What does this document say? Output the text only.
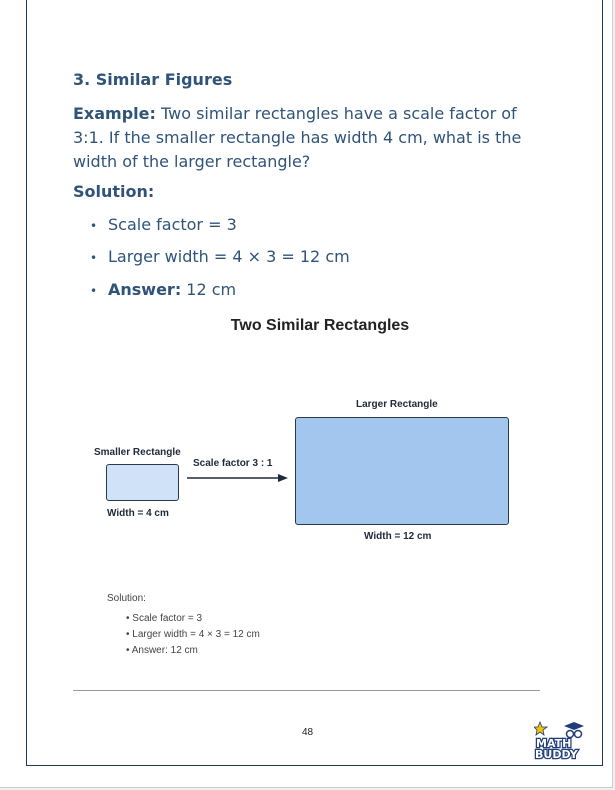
3. Similar Figures
Example: Two similar rectangles have a scale factor of 3:1. If the smaller rectangle has width 4 cm, what is the width of the larger rectangle?
Solution:
• Scale factor = 3
• Larger width = 4 × 3 = 12 cm
• Answer: 12 cm
Two Similar Rectangles
Smaller Rectangle
Width = 4 cm
Scale factor 3 : 1
Larger Rectangle
Width = 12 cm
Solution:
• Scale factor = 3
• Larger width = 4 × 3 = 12 cm
• Answer: 12 cm
48
MATH
BUDDY
